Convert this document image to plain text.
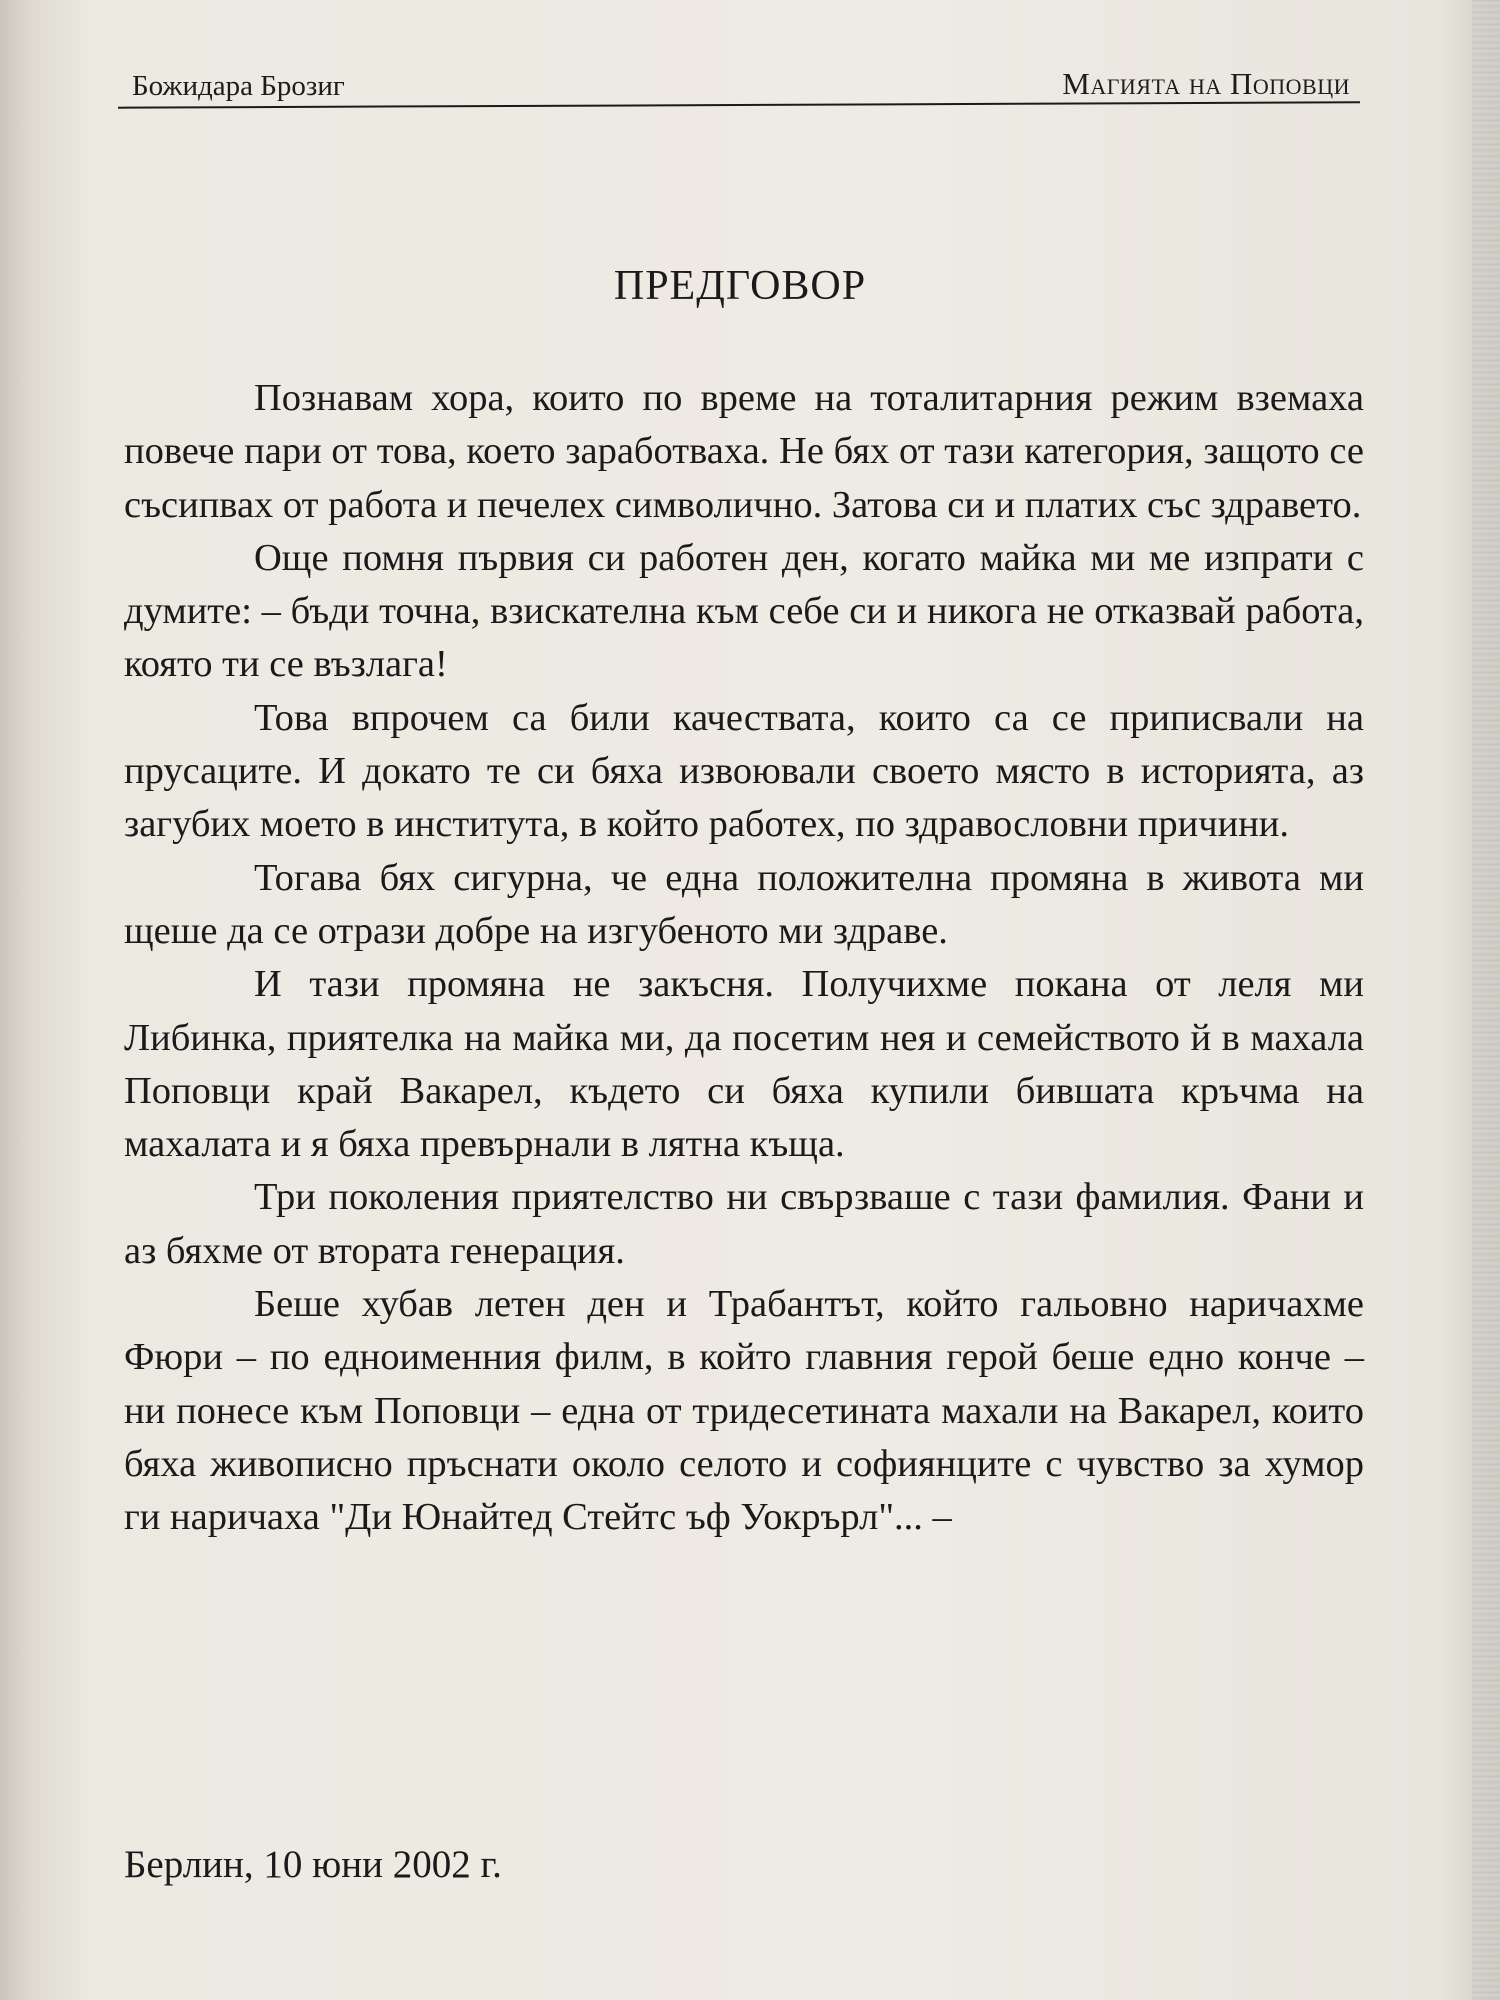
Божидара Брозиг	Магията на Поповци
ПРЕДГОВОР

Познавам хора, които по време на тоталитарния режим вземаха повече пари от това, което заработваха. Не бях от тази категория, защото се съсипвах от работа и печелех символично. Затова си и платих със здравето.

Още помня първия си работен ден, когато майка ми ме изпрати с думите: – бъди точна, взискателна към себе си и никога не отказвай работа, която ти се възлага!

Това впрочем са били качествата, които са се приписвали на прусаците. И докато те си бяха извоювали своето място в историята, аз загубих моето в института, в който работех, по здравословни причини.

Тогава бях сигурна, че една положителна промяна в живота ми щеше да се отрази добре на изгубеното ми здраве.

И тази промяна не закъсня. Получихме покана от леля ми Либинка, приятелка на майка ми, да посетим нея и семейството й в махала Поповци край Вакарел, където си бяха купили бившата кръчма на махалата и я бяха превърнали в лятна къща.

Три поколения приятелство ни свързваше с тази фамилия. Фани и аз бяхме от втората генерация.

Беше хубав летен ден и Трабантът, който гальовно наричахме Фюри – по едноименния филм, в който главния герой беше едно конче – ни понесе към Поповци – една от тридесетината махали на Вакарел, които бяха живописно пръснати около селото и софиянците с чувство за хумор ги наричаха "Ди Юнайтед Стейтс ъф Уокрърл"... –

Берлин, 10 юни 2002 г.
